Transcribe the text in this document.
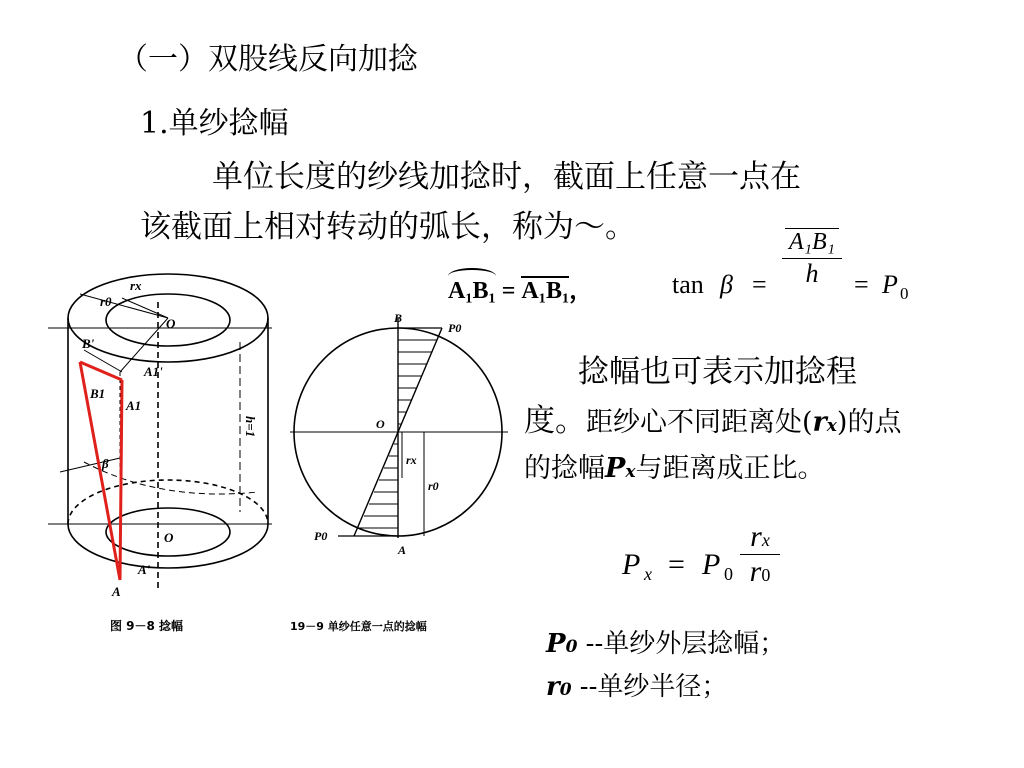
（一）双股线反向加捻
1.单纱捻幅
单位长度的纱线加捻时，截面上任意一点在
该截面上相对转动的弧长，称为～。
A₁B₁ = A₁B₁，	tan β =
A₁B₁
h	= P 0
捻幅也可表示加捻程
度。距纱心不同距离处(rx)的点
的捻幅Px与距离成正比。
P x = P 0
rx
r0
P0 --单纱外层捻幅；
r0 --单纱半径；
rx
r0
O
B'
A1'
B1
A1
β
h=1
O
A'
A
图 9－8 捻幅
B
P0
O
rx
r0
P0
A
19－9 单纱任意一点的捻幅
